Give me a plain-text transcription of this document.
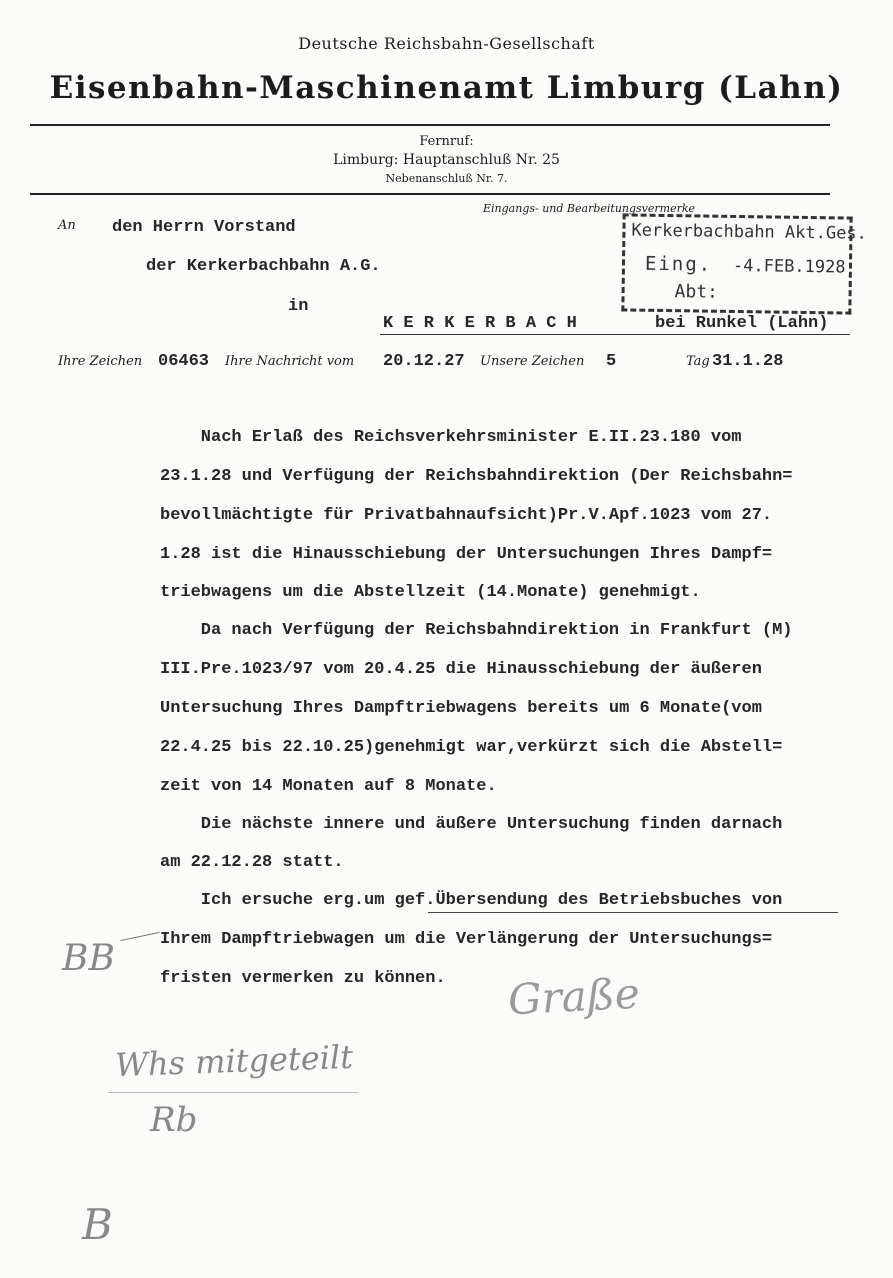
Deutsche Reichsbahn-Gesellschaft
Eisenbahn-Maschinenamt Limburg (Lahn)
Fernruf:
Limburg: Hauptanschluß Nr. 25
Nebenanschluß Nr. 7.
Eingangs- und Bearbeitungsvermerke
Kerkerbachbahn Akt.Ges.
Eing. -4.FEB.1928
Abt:
An den Herrn Vorstand
der Kerkerbachbahn A.G.
in
K E R K E R B A C H	bei Runkel (Lahn)
Ihre Zeichen 06463 Ihre Nachricht vom 20.12.27 Unsere Zeichen 5	Tag 31.1.28

Nach Erlaß des Reichsverkehrsminister E.II.23.180 vom

23.1.28 und Verfügung der Reichsbahndirektion (Der Reichsbahn=

bevollmächtigte für Privatbahnaufsicht)Pr.V.Apf.1023 vom 27.

1.28 ist die Hinausschiebung der Untersuchungen Ihres Dampf=

triebwagens um die Abstellzeit (14.Monate) genehmigt.

Da nach Verfügung der Reichsbahndirektion in Frankfurt (M)

III.Pre.1023/97 vom 20.4.25 die Hinausschiebung der äußeren

Untersuchung Ihres Dampftriebwagens bereits um 6 Monate(vom

22.4.25 bis 22.10.25)genehmigt war,verkürzt sich die Abstell=

zeit von 14 Monaten auf 8 Monate.

Die nächste innere und äußere Untersuchung finden darnach

am 22.12.28 statt.

Ich ersuche erg.um gef.Übersendung des Betriebsbuches von

Ihrem Dampftriebwagen um die Verlängerung der Untersuchungs=

fristen vermerken zu können. Graße
BB
Whs mitgeteilt
Rb
B
